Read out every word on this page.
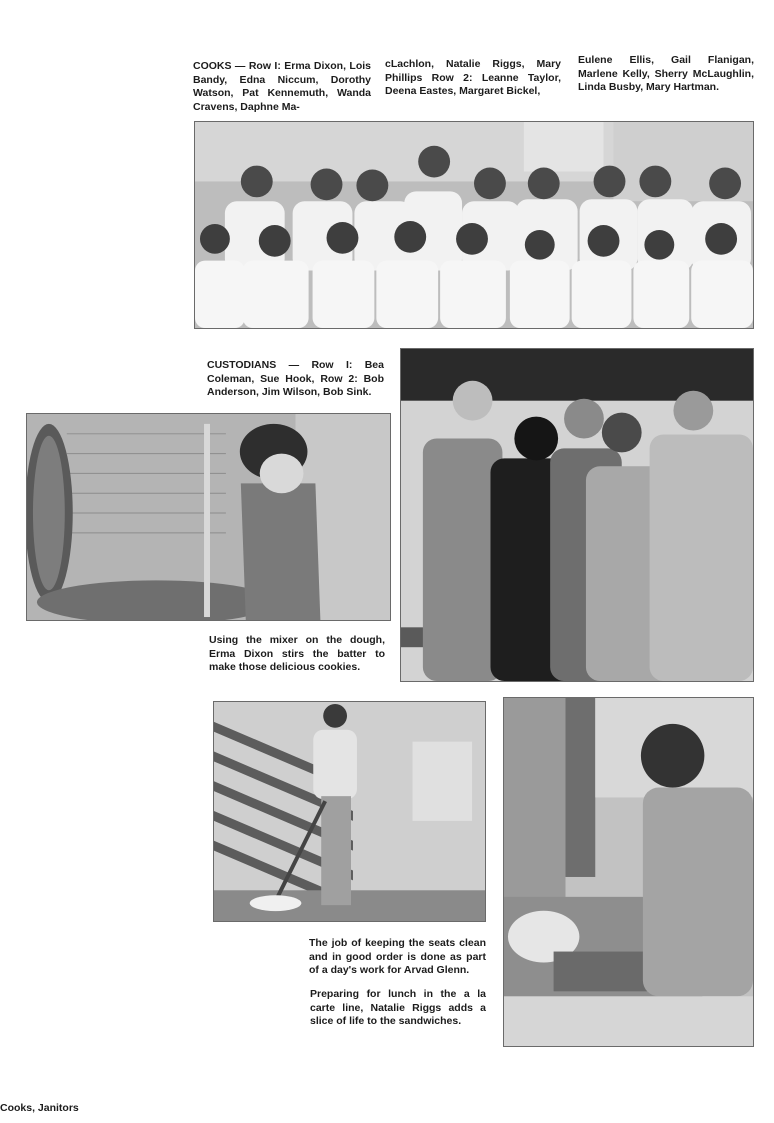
COOKS — Row I: Erma Dixon, Lois Bandy, Edna Niccum, Dorothy Watson, Pat Kennemuth, Wanda Cravens, Daphne Ma-

cLachlon, Natalie Riggs, Mary Phillips Row 2: Leanne Taylor, Deena Eastes, Margaret Bickel,

Eulene Ellis, Gail Flanigan, Marlene Kelly, Sherry McLaughlin, Linda Busby, Mary Hartman.

CUSTODIANS — Row I: Bea Coleman, Sue Hook, Row 2: Bob Anderson, Jim Wilson, Bob Sink.

Using the mixer on the dough, Erma Dixon stirs the batter to make those delicious cookies.

The job of keeping the seats clean and in good order is done as part of a day's work for Arvad Glenn.

Preparing for lunch in the a la carte line, Natalie Riggs adds a slice of life to the sandwiches.

Cooks, Janitors
